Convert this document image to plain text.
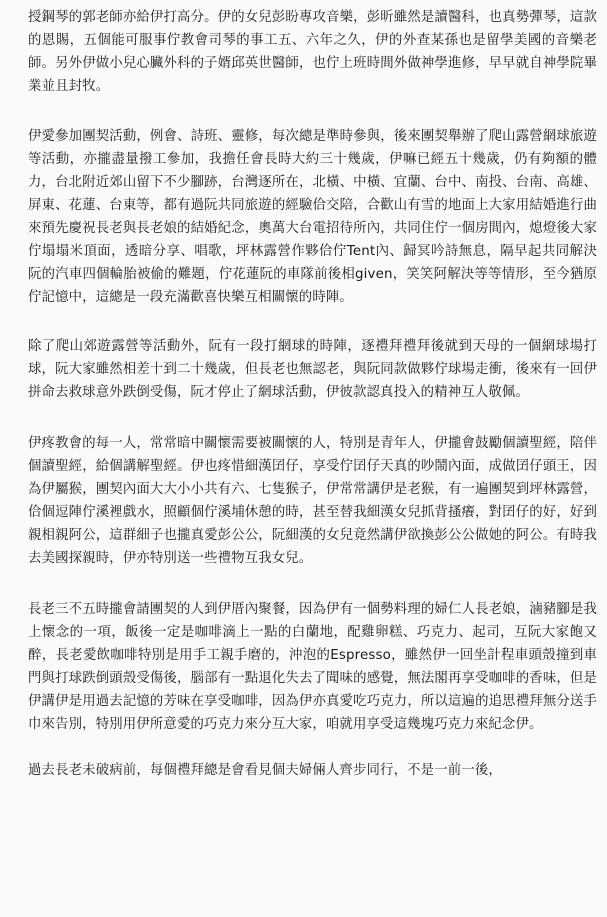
授鋼琴的郭老師亦給伊打高分。伊的女兒彭盼專攻音樂，彭昕雖然是讀醫科，也真勢彈琴，這款的恩賜，五個能可服事佇教會司琴的事工五、六年之久，伊的外查某孫也是留學美國的音樂老師。另外伊做小兒心臟外科的子婿邱英世醫師，也佇上班時間外做神學進修，早早就自神學院畢業並且封牧。

伊愛參加團契活動，例會、詩班、靈修，每次總是準時參與，後來團契舉辦了爬山露營網球旅遊等活動，亦攏盡量撥工參加，我擔任會長時大約三十幾歲，伊嘛已經五十幾歲，仍有夠額的體力，台北附近郊山留下不少腳跡，台灣逐所在，北橫、中橫、宜蘭、台中、南投、台南、高雄、屏東、花蓮、台東等，都有過阮共同旅遊的經驗佮交陪，合歡山有雪的地面上大家用結婚進行曲來預先慶祝長老與長老娘的結婚紀念，奧萬大台電招待所內，共同住佇一個房間內，熄燈後大家佇塌塌米頂面，透暗分享、唱歌，坪林露營作夥佮佇Tent內、歸冥吟詩無息，隔早起共同解決阮的汽車四個輪胎被偷的難題，佇花蓮阮的車隊前後相given，笑笑阿解決等等情形，至今猶原佇記憶中，這總是一段充滿歡喜快樂互相關懷的時陣。

除了爬山郊遊露營等活動外，阮有一段打網球的時陣，逐禮拜禮拜後就到天母的一個網球場打球，阮大家雖然相差十到二十幾歲，但長老也無認老，與阮同款做夥佇球場走衝，後來有一回伊拼命去救球意外跌倒受傷，阮才停止了網球活動，伊彼款認真投入的精神互人敬佩。

伊疼教會的每一人，常常暗中關懷需要被關懷的人，特別是青年人，伊攏會鼓勵個讀聖經，陪伴個讀聖經，給個講解聖經。伊也疼惜細漢囝仔，享受佇囝仔天真的吵鬧內面，成做囝仔頭王，因為伊屬猴，團契內面大大小小共有六、七隻猴子，伊常常講伊是老猴，有一遍團契到坪林露營，佮個逗陣佇溪裡戲水，照顧個佇溪埔休憩的時，甚至替我細漢女兒抓背搔癢，對囝仔的好，好到親相親阿公，這群細子也攏真愛彭公公，阮細漢的女兒竟然講伊欲換彭公公做她的阿公。有時我去美國探親時，伊亦特別送一些禮物互我女兒。

長老三不五時攏會請團契的人到伊厝內聚餐，因為伊有一個勢料理的婦仁人長老娘，滷豬腳是我上懷念的一項，飯後一定是咖啡滴上一點的白蘭地，配雞卵糕、巧克力、起司，互阮大家飽又醉，長老愛飲咖啡特別是用手工親手磨的，沖泡的Espresso，雖然伊一回坐計程車頭殼撞到車門與打球跌倒頭殼受傷後，腦部有一點退化失去了聞味的感覺，無法閣再享受咖啡的香味，但是伊講伊是用過去記憶的芳味在享受咖啡，因為伊亦真愛吃巧克力，所以這遍的追思禮拜無分送手巾來告別，特別用伊所意愛的巧克力來分互大家，咱就用享受這幾塊巧克力來紀念伊。

過去長老未破病前，每個禮拜總是會看見個夫婦倆人齊步同行，不是一前一後，
